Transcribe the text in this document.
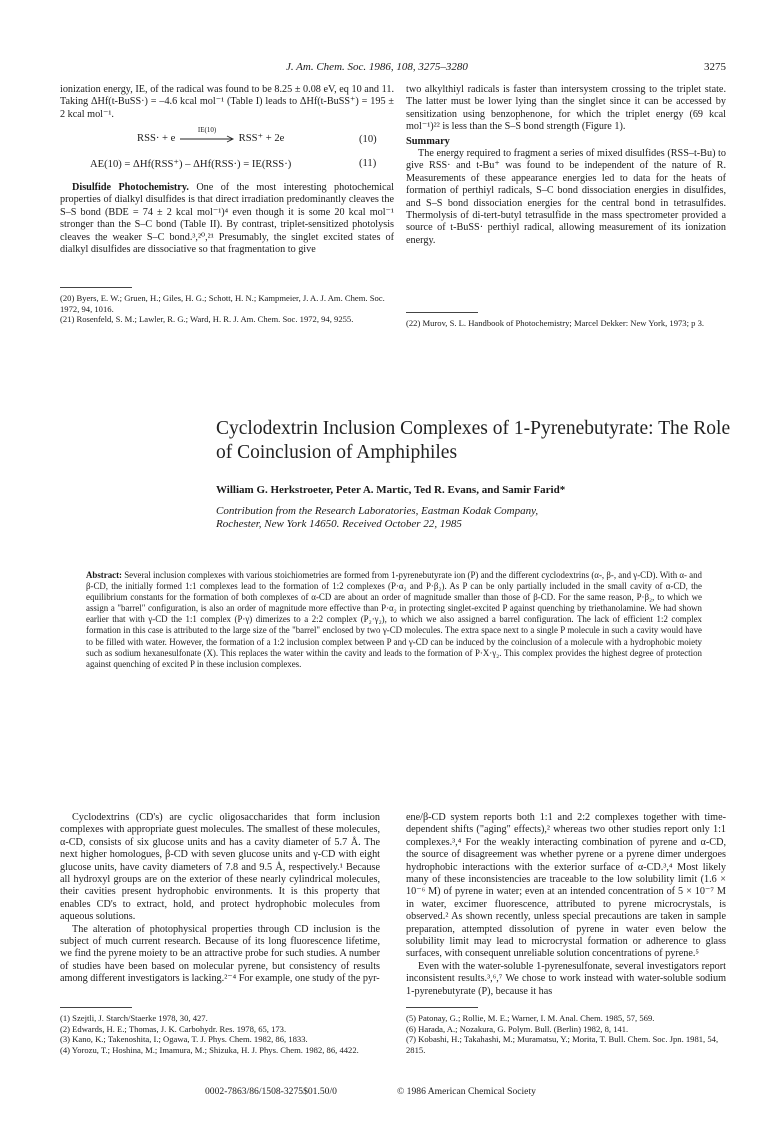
J. Am. Chem. Soc. 1986, 108, 3275–3280	3275

ionization energy, IE, of the radical was found to be 8.25 ± 0.08 eV, eq 10 and 11. Taking ΔHf(t-BuSS·) = –4.6 kcal mol⁻¹ (Table I) leads to ΔHf(t-BuSS⁺) = 195 ± 2 kcal mol⁻¹.

RSS· + e
IE(10)
RSS⁺ + 2e	(10)
AE(10) = ΔHf(RSS⁺) – ΔHf(RSS·) = IE(RSS·)	(11)

Disulfide Photochemistry. One of the most interesting photochemical properties of dialkyl disulfides is that direct irradiation predominantly cleaves the S–S bond (BDE = 74 ± 2 kcal mol⁻¹)⁴ even though it is some 20 kcal mol⁻¹ stronger than the S–C bond (Table II). By contrast, triplet-sensitized photolysis cleaves the weaker S–C bond.³,²⁰,²¹ Presumably, the singlet excited states of dialkyl disulfides are dissociative so that fragmentation to give

(20) Byers, E. W.; Gruen, H.; Giles, H. G.; Schott, H. N.; Kampmeier, J. A. J. Am. Chem. Soc. 1972, 94, 1016.

(21) Rosenfeld, S. M.; Lawler, R. G.; Ward, H. R. J. Am. Chem. Soc. 1972, 94, 9255.

two alkylthiyl radicals is faster than intersystem crossing to the triplet state. The latter must be lower lying than the singlet since it can be accessed by sensitization using benzophenone, for which the triplet energy (69 kcal mol⁻¹)²² is less than the S–S bond strength (Figure 1).

Summary

The energy required to fragment a series of mixed disulfides (RSS–t-Bu) to give RSS· and t-Bu⁺ was found to be independent of the nature of R. Measurements of these appearance energies led to data for the heats of formation of perthiyl radicals, S–C bond dissociation energies in disulfides, and S–S bond dissociation energies for the central bond in tetrasulfides. Thermolysis of di-tert-butyl tetrasulfide in the mass spectrometer provided a source of t-BuSS· perthiyl radical, allowing measurement of its ionization energy.

(22) Murov, S. L. Handbook of Photochemistry; Marcel Dekker: New York, 1973; p 3.

Cyclodextrin Inclusion Complexes of 1-Pyrenebutyrate: The Role of Coinclusion of Amphiphiles
William G. Herkstroeter, Peter A. Martic, Ted R. Evans, and Samir Farid*
Contribution from the Research Laboratories, Eastman Kodak Company,
Rochester, New York 14650. Received October 22, 1985
Abstract: Several inclusion complexes with various stoichiometries are formed from 1-pyrenebutyrate ion (P) and the different cyclodextrins (α-, β-, and γ-CD). With α- and β-CD, the initially formed 1:1 complexes lead to the formation of 1:2 complexes (P·α₂ and P·β₂). As P can be only partially included in the small cavity of α-CD, the equilibrium constants for the formation of both complexes of α-CD are about an order of magnitude smaller than those of β-CD. For the same reason, P·β₂, to which we assign a "barrel" configuration, is also an order of magnitude more effective than P·α₂ in protecting singlet-excited P against quenching by triethanolamine. We had shown earlier that with γ-CD the 1:1 complex (P·γ) dimerizes to a 2:2 complex (P₂·γ₂), to which we also assigned a barrel configuration. The lack of efficient 1:2 complex formation in this case is attributed to the large size of the "barrel" enclosed by two γ-CD molecules. The extra space next to a single P molecule in such a cavity would have to be filled with water. However, the formation of a 1:2 inclusion complex between P and γ-CD can be induced by the coinclusion of a molecule with a hydrophobic moiety such as sodium hexanesulfonate (X). This replaces the water within the cavity and leads to the formation of P·X·γ₂. This complex provides the highest degree of protection against quenching of excited P in these inclusion complexes.

Cyclodextrins (CD's) are cyclic oligosaccharides that form inclusion complexes with appropriate guest molecules. The smallest of these molecules, α-CD, consists of six glucose units and has a cavity diameter of 5.7 Å. The next higher homologues, β-CD with seven glucose units and γ-CD with eight glucose units, have cavity diameters of 7.8 and 9.5 Å, respectively.¹ Because all hydroxyl groups are on the exterior of these nearly cylindrical molecules, their cavities present hydrophobic environments. It is this property that enables CD's to extract, hold, and protect hydrophobic molecules from aqueous solutions.

The alteration of photophysical properties through CD inclusion is the subject of much current research. Because of its long fluorescence lifetime, we find the pyrene moiety to be an attractive probe for such studies. A number of studies have been based on molecular pyrene, but consistency of results among different investigators is lacking.²⁻⁴ For example, one study of the pyr-

(1) Szejtli, J. Starch/Staerke 1978, 30, 427.

(2) Edwards, H. E.; Thomas, J. K. Carbohydr. Res. 1978, 65, 173.

(3) Kano, K.; Takenoshita, I.; Ogawa, T. J. Phys. Chem. 1982, 86, 1833.

(4) Yorozu, T.; Hoshina, M.; Imamura, M.; Shizuka, H. J. Phys. Chem. 1982, 86, 4422.

ene/β-CD system reports both 1:1 and 2:2 complexes together with time-dependent shifts ("aging" effects),² whereas two other studies report only 1:1 complexes.³,⁴ For the weakly interacting combination of pyrene and α-CD, the source of disagreement was whether pyrene or a pyrene dimer undergoes hydrophobic interactions with the exterior surface of α-CD.³,⁴ Most likely many of these inconsistencies are traceable to the low solubility limit (1.6 × 10⁻⁶ M) of pyrene in water; even at an intended concentration of 5 × 10⁻⁷ M in water, excimer fluorescence, attributed to pyrene microcrystals, is observed.² As shown recently, unless special precautions are taken in sample preparation, attempted dissolution of pyrene in water even below the solubility limit may lead to microcrystal formation or adherence to glass surfaces, with consequent unreliable solution concentrations of pyrene.⁵

Even with the water-soluble 1-pyrenesulfonate, several investigators report inconsistent results.³,⁶,⁷ We chose to work instead with water-soluble sodium 1-pyrenebutyrate (P), because it has

(5) Patonay, G.; Rollie, M. E.; Warner, I. M. Anal. Chem. 1985, 57, 569.

(6) Harada, A.; Nozakura, G. Polym. Bull. (Berlin) 1982, 8, 141.

(7) Kobashi, H.; Takahashi, M.; Muramatsu, Y.; Morita, T. Bull. Chem. Soc. Jpn. 1981, 54, 2815.

0002-7863/86/1508-3275$01.50/0	© 1986 American Chemical Society
